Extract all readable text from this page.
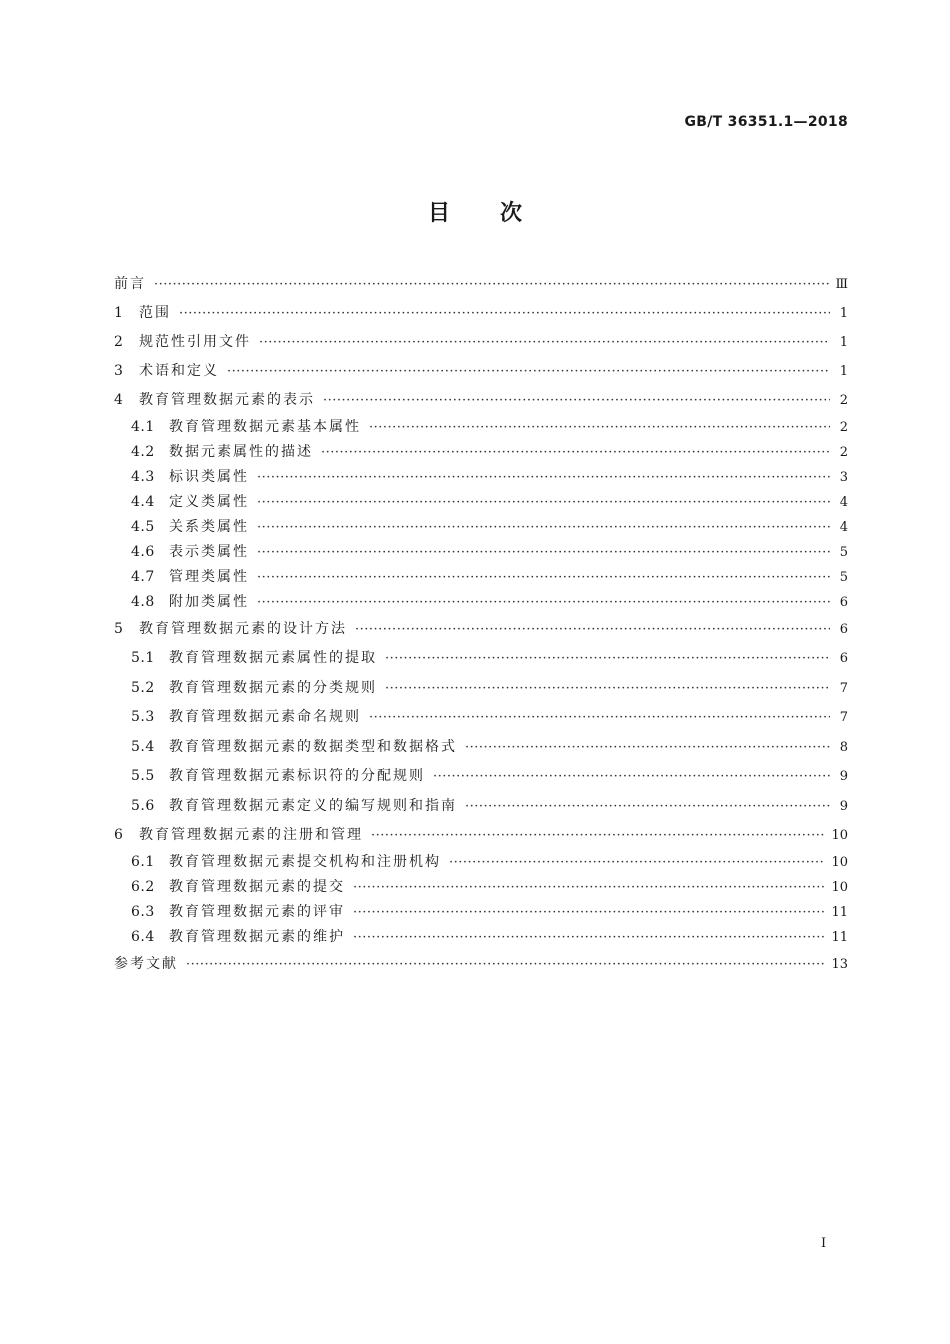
GB/T 36351.1—2018
目次
前言 ·····	Ⅲ
1	范围 ·····	1
2	规范性引用文件 ·····	1
3	术语和定义 ·····	1
4	教育管理数据元素的表示 ·····	2
4.1	教育管理数据元素基本属性 ·····	2
4.2	数据元素属性的描述 ·····	2
4.3	标识类属性 ·····	3
4.4	定义类属性 ·····	4
4.5	关系类属性 ·····	4
4.6	表示类属性 ·····	5
4.7	管理类属性 ·····	5
4.8	附加类属性 ·····	6
5	教育管理数据元素的设计方法 ·····	6
5.1	教育管理数据元素属性的提取 ·····	6
5.2	教育管理数据元素的分类规则 ·····	7
5.3	教育管理数据元素命名规则 ·····	7
5.4	教育管理数据元素的数据类型和数据格式 ·····	8
5.5	教育管理数据元素标识符的分配规则 ·····	9
5.6	教育管理数据元素定义的编写规则和指南 ·····	9
6	教育管理数据元素的注册和管理 ·····	10
6.1	教育管理数据元素提交机构和注册机构 ·····	10
6.2	教育管理数据元素的提交 ·····	10
6.3	教育管理数据元素的评审 ·····	11
6.4	教育管理数据元素的维护 ·····	11
参考文献 ·····	13
Ⅰ
